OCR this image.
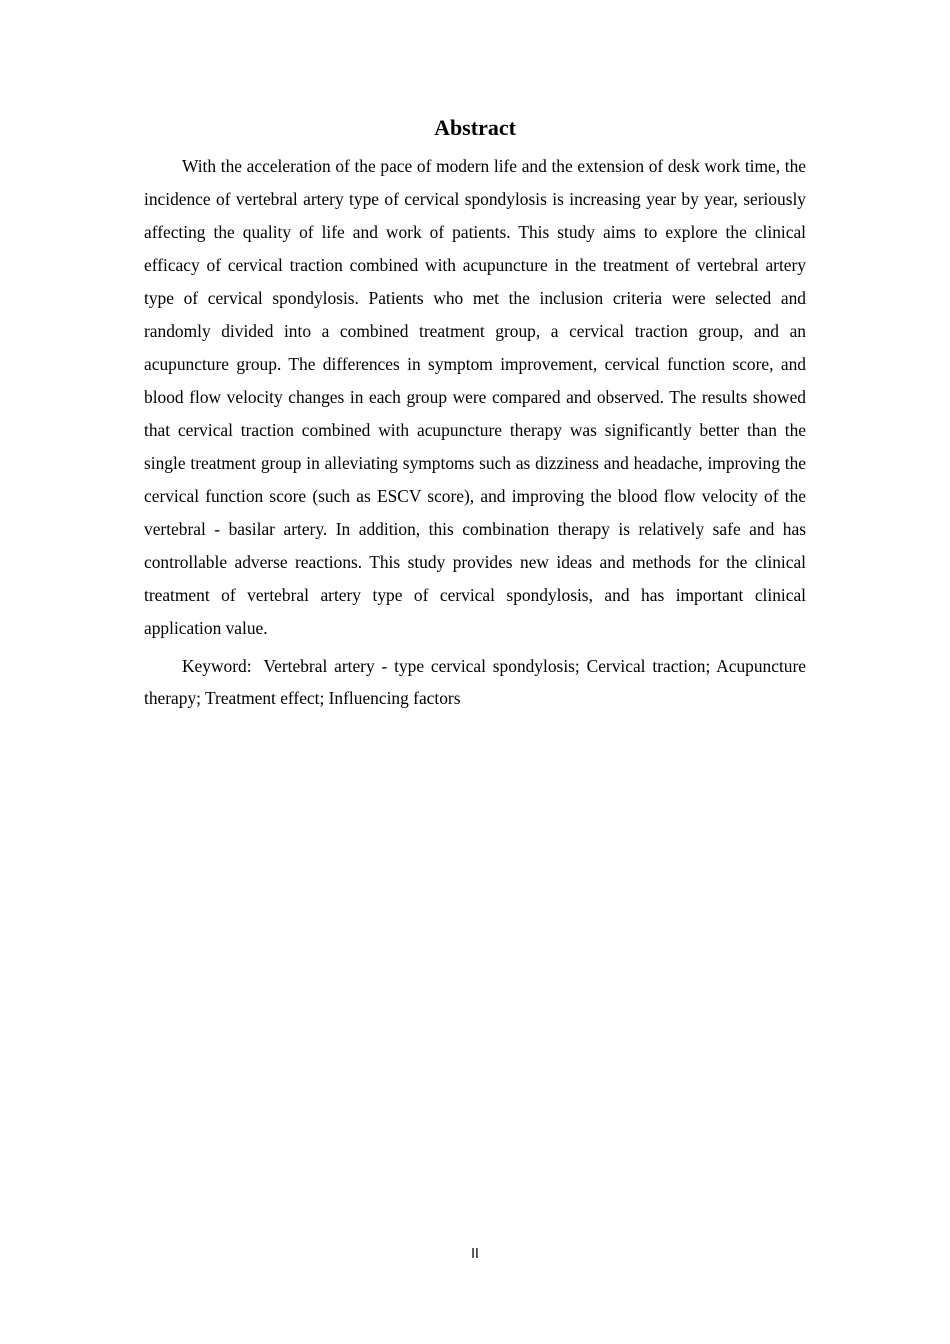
Abstract

With the acceleration of the pace of modern life and the extension of desk work time, the incidence of vertebral artery type of cervical spondylosis is increasing year by year, seriously affecting the quality of life and work of patients. This study aims to explore the clinical efficacy of cervical traction combined with acupuncture in the treatment of vertebral artery type of cervical spondylosis. Patients who met the inclusion criteria were selected and randomly divided into a combined treatment group, a cervical traction group, and an acupuncture group. The differences in symptom improvement, cervical function score, and blood flow velocity changes in each group were compared and observed. The results showed that cervical traction combined with acupuncture therapy was significantly better than the single treatment group in alleviating symptoms such as dizziness and headache, improving the cervical function score (such as ESCV score), and improving the blood flow velocity of the vertebral - basilar artery. In addition, this combination therapy is relatively safe and has controllable adverse reactions. This study provides new ideas and methods for the clinical treatment of vertebral artery type of cervical spondylosis, and has important clinical application value.

Keyword: Vertebral artery - type cervical spondylosis; Cervical traction; Acupuncture therapy; Treatment effect; Influencing factors

II
